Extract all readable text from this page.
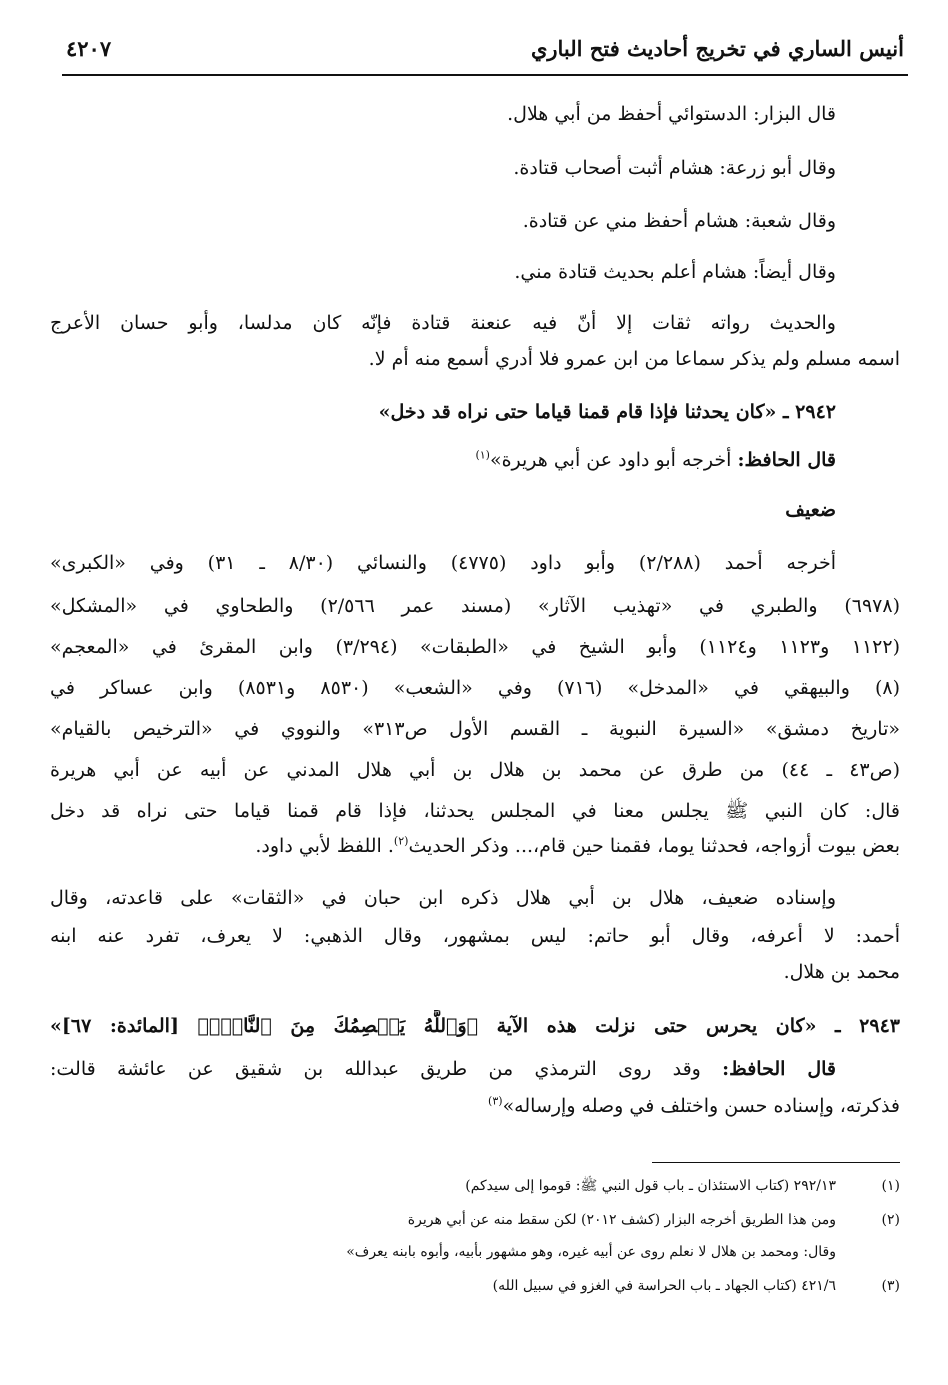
أنيس الساري في تخريج أحاديث فتح الباري
٤٢٠٧
قال البزار: الدستوائي أحفظ من أبي هلال.
وقال أبو زرعة: هشام أثبت أصحاب قتادة.
وقال شعبة: هشام أحفظ مني عن قتادة.
وقال أيضاً: هشام أعلم بحديث قتادة مني.
والحديث رواته ثقات إلا أنّ فيه عنعنة قتادة فإنّه كان مدلسا، وأبو حسان الأعرج
اسمه مسلم ولم يذكر سماعا من ابن عمرو فلا أدري أسمع منه أم لا.
٢٩٤٢ ـ «كان يحدثنا فإذا قام قمنا قياما حتى نراه قد دخل»
قال الحافظ: أخرجه أبو داود عن أبي هريرة»$^{(١)}$
ضعيف
أخرجه أحمد (٢/٢٨٨) وأبو داود (٤٧٧٥) والنسائي (٨/٣٠ ـ ٣١) وفي «الكبرى»
(٦٩٧٨) والطبري في «تهذيب الآثار» (مسند عمر ٢/٥٦٦) والطحاوي في «المشكل»
(١١٢٢ و١١٢٣ و١١٢٤) وأبو الشيخ في «الطبقات» (٣/٢٩٤) وابن المقرئ في «المعجم»
(٨) والبيهقي في «المدخل» (٧١٦) وفي «الشعب» (٨٥٣٠ و٨٥٣١) وابن عساكر في
«تاريخ دمشق» «السيرة النبوية ـ القسم الأول ص٣١٣» والنووي في «الترخيص بالقيام»
(ص٤٣ ـ ٤٤) من طرق عن محمد بن هلال بن أبي هلال المدني عن أبيه عن أبي هريرة
قال: كان النبي ﷺ يجلس معنا في المجلس يحدثنا، فإذا قام قمنا قياما حتى نراه قد دخل
بعض بيوت أزواجه، فحدثنا يوما، فقمنا حين قام،... وذكر الحديث$^{(٢)}$. اللفظ لأبي داود.
وإسناده ضعيف، هلال بن أبي هلال ذكره ابن حبان في «الثقات» على قاعدته، وقال
أحمد: لا أعرفه، وقال أبو حاتم: ليس بمشهور، وقال الذهبي: لا يعرف، تفرد عنه ابنه
محمد بن هلال.
٢٩٤٣ ـ «كان يحرس حتى نزلت هذه الآية ﴿وَٱللَّهُ يَعۡصِمُكَ مِنَ ٱلنَّاسِۗ﴾ [المائدة: ٦٧]»
قال الحافظ: وقد روى الترمذي من طريق عبدالله بن شقيق عن عائشة قالت:
فذكرته، وإسناده حسن واختلف في وصله وإرساله»$^{(٣)}$
(١)
٢٩٢/١٣ (كتاب الاستئذان ـ باب قول النبي ﷺ: قوموا إلى سيدكم)
(٢)
ومن هذا الطريق أخرجه البزار (كشف ٢٠١٢) لكن سقط منه عن أبي هريرة
وقال: ومحمد بن هلال لا نعلم روى عن أبيه غيره، وهو مشهور بأبيه، وأبوه بابنه يعرف»
(٣)
٤٢١/٦ (كتاب الجهاد ـ باب الحراسة في الغزو في سبيل الله)
